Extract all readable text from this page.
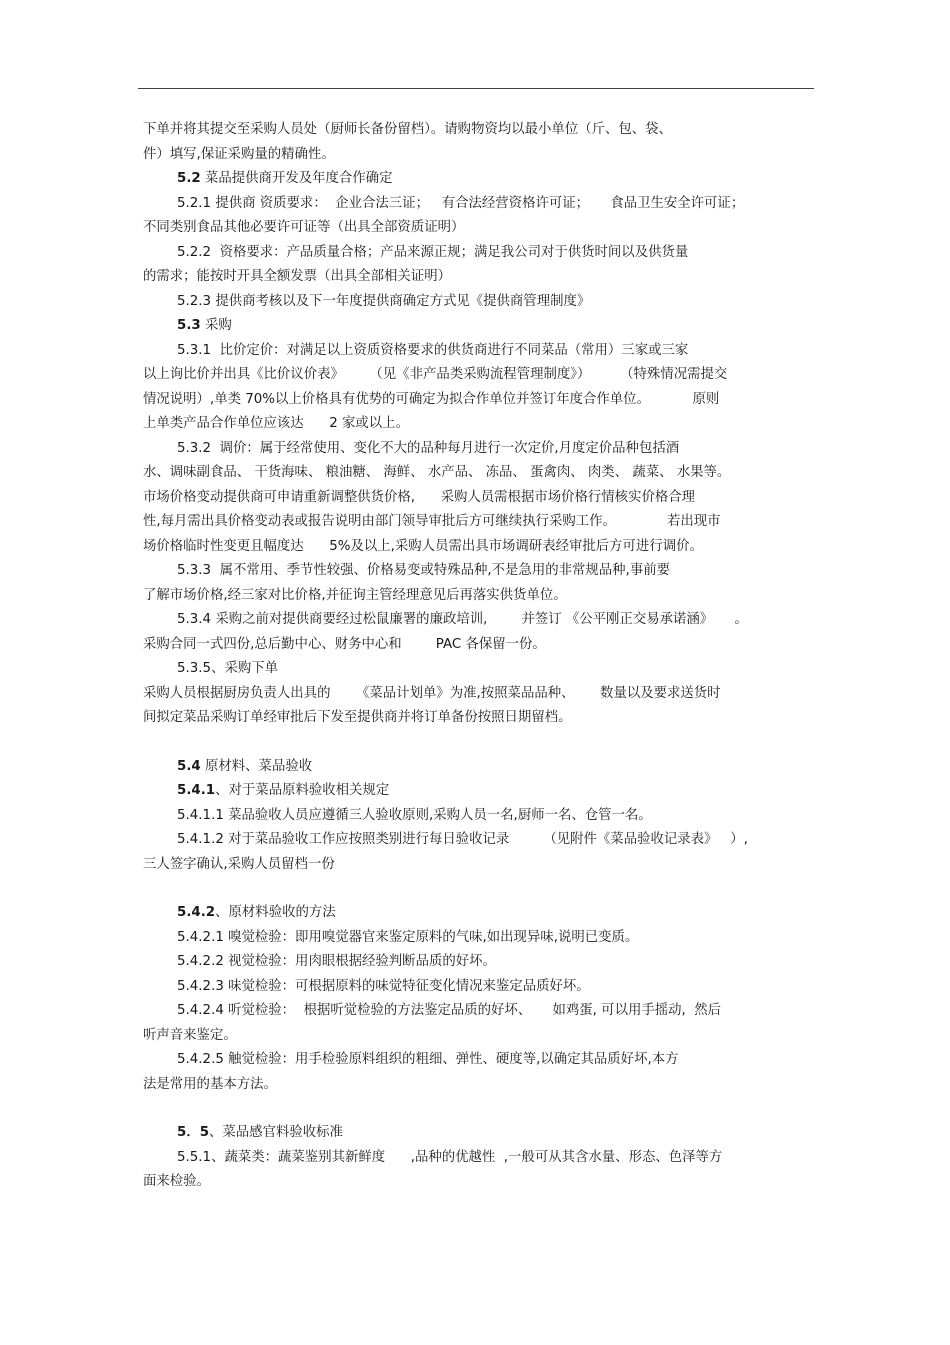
下单并将其提交至采购人员处（厨师长备份留档）。请购物资均以最小单位（斤、包、袋、
件）填写,保证采购量的精确性。
5.2 菜品提供商开发及年度合作确定
5.2.1 提供商 资质要求：  企业合法三证；   有合法经营资格许可证；     食品卫生安全许可证；
不同类别食品其他必要许可证等（出具全部资质证明）
5.2.2  资格要求：产品质量合格；产品来源正规；满足我公司对于供货时间以及供货量
的需求；能按时开具全额发票（出具全部相关证明）
5.2.3 提供商考核以及下一年度提供商确定方式见《提供商管理制度》
5.3 采购
5.3.1  比价定价：对满足以上资质资格要求的供货商进行不同菜品（常用）三家或三家
以上询比价并出具《比价议价表》      （见《非产品类采购流程管理制度》）       （特殊情况需提交
情况说明）,单类 70%以上价格具有优势的可确定为拟合作单位并签订年度合作单位。          原则
上单类产品合作单位应该达      2 家或以上。
5.3.2  调价：属于经常使用、变化不大的品种每月进行一次定价,月度定价品种包括酒
水、调味副食品、 干货海味、 粮油糖、 海鲜、 水产品、 冻品、 蛋禽肉、 肉类、 蔬菜、 水果等。
市场价格变动提供商可申请重新调整供货价格,      采购人员需根据市场价格行情核实价格合理
性,每月需出具价格变动表或报告说明由部门领导审批后方可继续执行采购工作。            若出现市
场价格临时性变更且幅度达      5%及以上,采购人员需出具市场调研表经审批后方可进行调价。
5.3.3  属不常用、季节性较强、价格易变或特殊品种,不是急用的非常规品种,事前要
了解市场价格,经三家对比价格,并征询主管经理意见后再落实供货单位。
5.3.4 采购之前对提供商要经过松鼠廉署的廉政培训,        并签订 《公平刚正交易承诺涵》     。
采购合同一式四份,总后勤中心、财务中心和        PAC 各保留一份。
5.3.5、采购下单
采购人员根据厨房负责人出具的      《菜品计划单》为准,按照菜品品种、      数量以及要求送货时
间拟定菜品采购订单经审批后下发至提供商并将订单备份按照日期留档。
5.4 原材料、菜品验收
5.4.1、对于菜品原料验收相关规定
5.4.1.1 菜品验收人员应遵循三人验收原则,采购人员一名,厨师一名、仓管一名。
5.4.1.2 对于菜品验收工作应按照类别进行每日验收记录        （见附件《菜品验收记录表》   ）,
三人签字确认,采购人员留档一份
5.4.2、原材料验收的方法
5.4.2.1 嗅觉检验：即用嗅觉器官来鉴定原料的气味,如出现异味,说明已变质。
5.4.2.2 视觉检验：用肉眼根据经验判断品质的好坏。
5.4.2.3 味觉检验：可根据原料的味觉特征变化情况来鉴定品质好坏。
5.4.2.4 听觉检验：  根据听觉检验的方法鉴定品质的好坏、     如鸡蛋, 可以用手摇动,  然后
听声音来鉴定。
5.4.2.5 触觉检验：用手检验原料组织的粗细、弹性、硬度等,以确定其品质好坏,本方
法是常用的基本方法。
5．5、菜品感官料验收标准
5.5.1、蔬菜类：蔬菜鉴别其新鲜度      ,品种的优越性  ,一般可从其含水量、形态、色泽等方
面来检验。
